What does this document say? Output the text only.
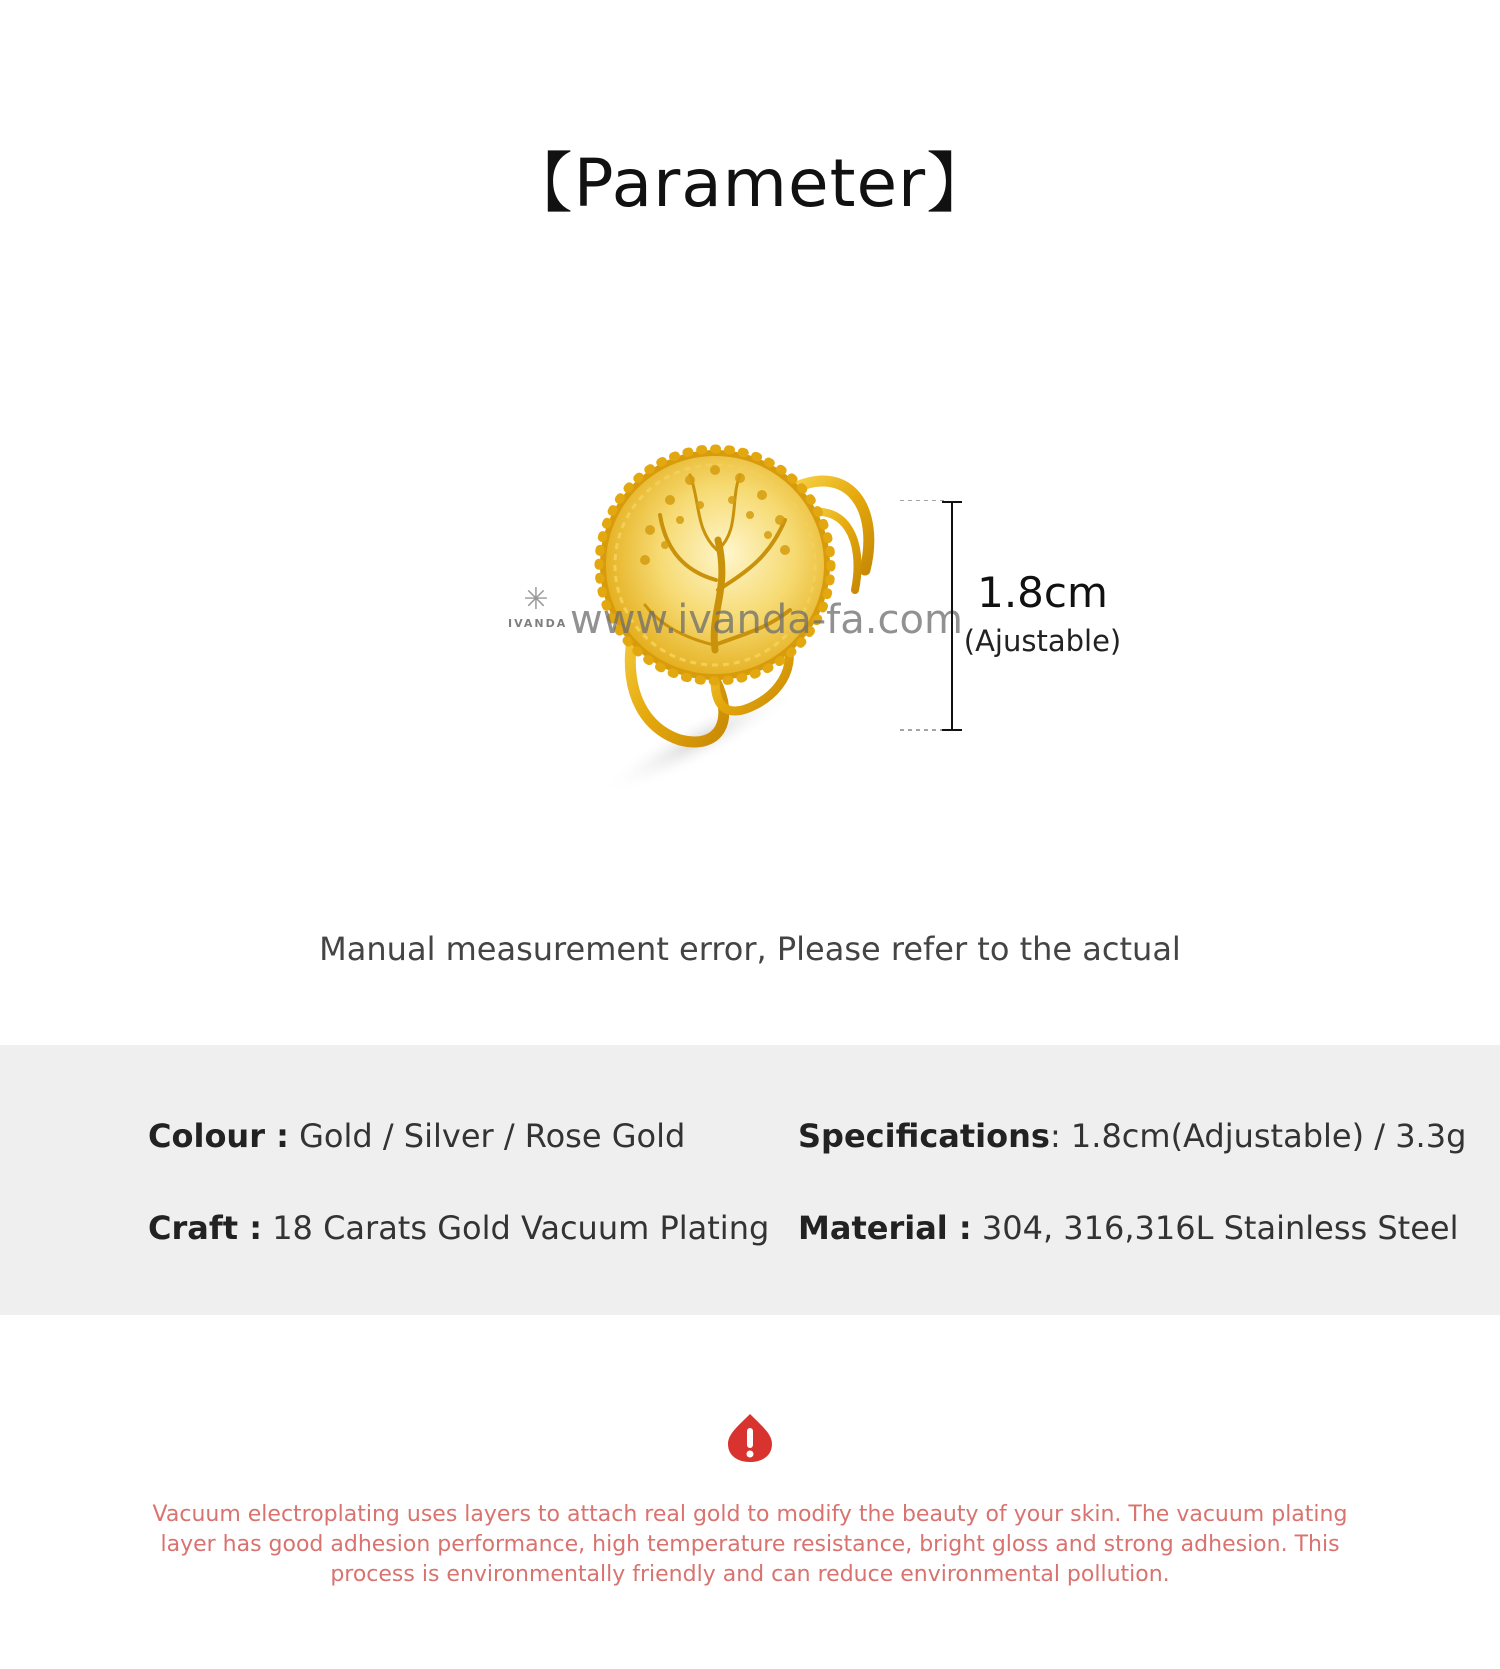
【Parameter】
✳
IVANDA www.ivanda-fa.com
1.8cm
(Ajustable)
Manual measurement error, Please refer to the actual
Colour : Gold / Silver / Rose Gold	Specifications: 1.8cm(Adjustable) / 3.3g
Craft : 18 Carats Gold Vacuum Plating Material : 304, 316,316L Stainless Steel
Vacuum electroplating uses layers to attach real gold to modify the beauty of your skin. The vacuum plating layer has good adhesion performance, high temperature resistance, bright gloss and strong adhesion. This process is environmentally friendly and can reduce environmental pollution.
